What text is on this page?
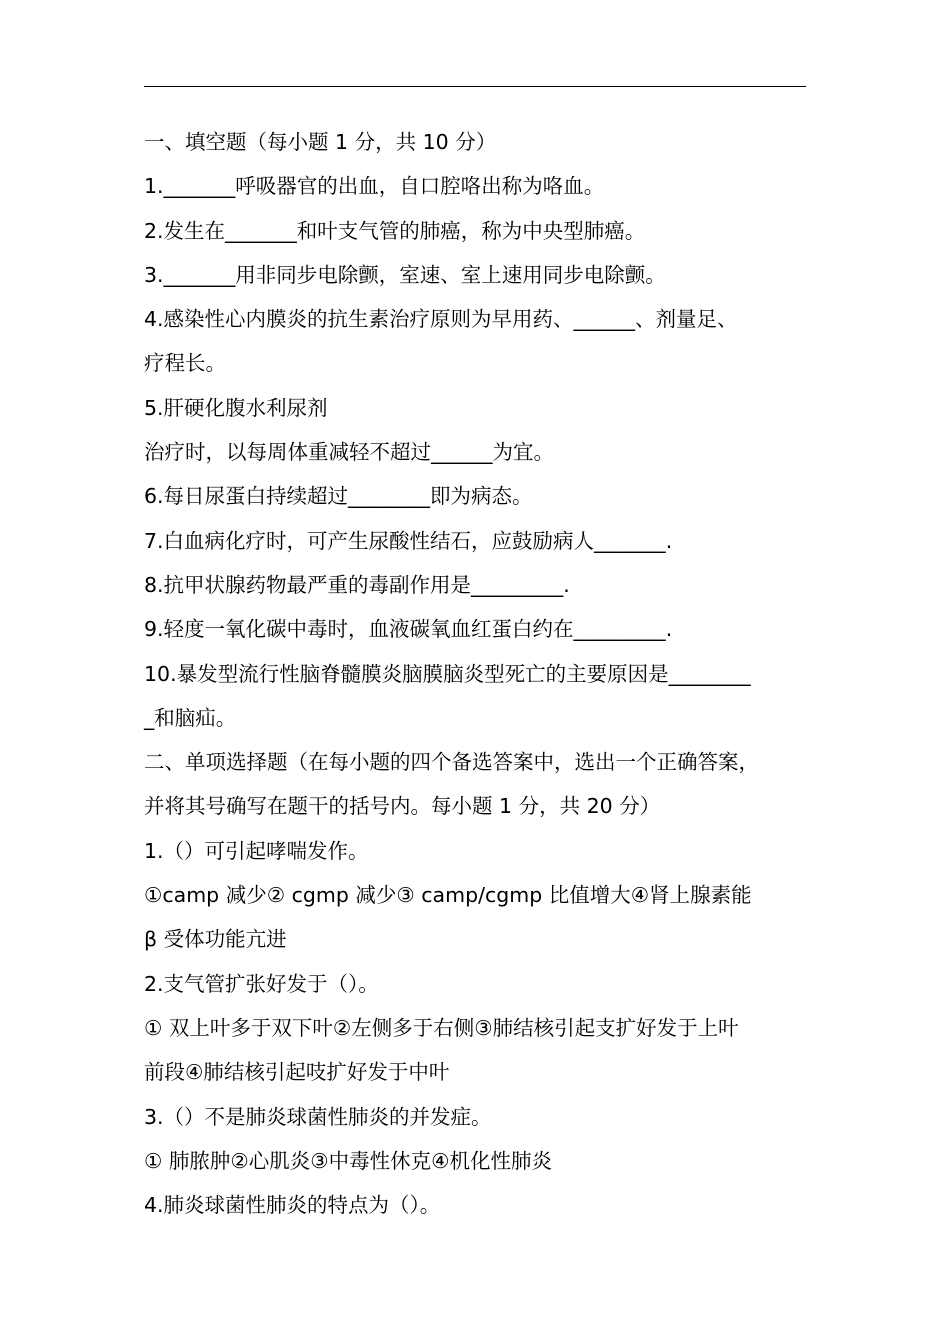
一、填空题（每小题 1 分，共 10 分）
1._______呼吸器官的出血，自口腔咯出称为咯血。
2.发生在_______和叶支气管的肺癌，称为中央型肺癌。
3._______用非同步电除颤，室速、室上速用同步电除颤。
4.感染性心内膜炎的抗生素治疗原则为早用药、______、剂量足、
疗程长。
5.肝硬化腹水利尿剂
治疗时，以每周体重减轻不超过______为宜。
6.每日尿蛋白持续超过________即为病态。
7.白血病化疗时，可产生尿酸性结石，应鼓励病人_______.
8.抗甲状腺药物最严重的毒副作用是_________.
9.轻度一氧化碳中毒时，血液碳氧血红蛋白约在_________.
10.暴发型流行性脑脊髓膜炎脑膜脑炎型死亡的主要原因是________
_和脑疝。
二、单项选择题（在每小题的四个备选答案中，选出一个正确答案，
并将其号确写在题干的括号内。每小题 1 分，共 20 分）
1.（）可引起哮喘发作。
①camp 减少② cgmp 减少③ camp/cgmp 比值增大④肾上腺素能
β 受体功能亢进
2.支气管扩张好发于（）。
① 双上叶多于双下叶②左侧多于右侧③肺结核引起支扩好发于上叶
前段④肺结核引起吱扩好发于中叶
3.（）不是肺炎球菌性肺炎的并发症。
① 肺脓肿②心肌炎③中毒性休克④机化性肺炎
4.肺炎球菌性肺炎的特点为（）。
